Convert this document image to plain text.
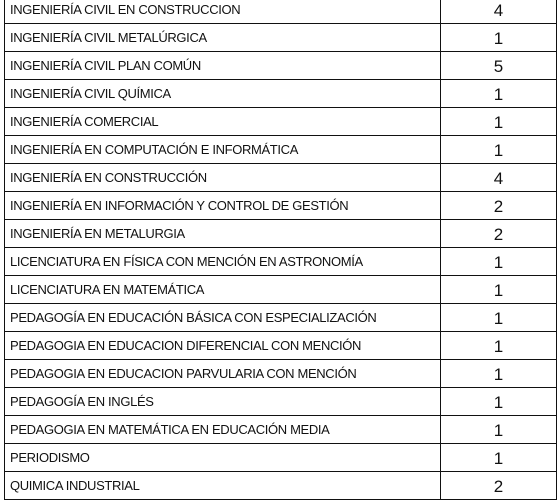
INGENIERÍA CIVIL EN CONSTRUCCION	4
INGENIERÍA CIVIL METALÚRGICA	1
INGENIERÍA CIVIL PLAN COMÚN	5
INGENIERÍA CIVIL QUÍMICA	1
INGENIERÍA COMERCIAL	1
INGENIERÍA EN COMPUTACIÓN E INFORMÁTICA	1
INGENIERÍA EN CONSTRUCCIÓN	4
INGENIERÍA EN INFORMACIÓN Y CONTROL DE GESTIÓN	2
INGENIERÍA EN METALURGIA	2
LICENCIATURA EN FÍSICA CON MENCIÓN EN ASTRONOMÍA	1
LICENCIATURA EN MATEMÁTICA	1
PEDAGOGÍA EN EDUCACIÓN BÁSICA CON ESPECIALIZACIÓN	1
PEDAGOGIA EN EDUCACION DIFERENCIAL CON MENCIÓN	1
PEDAGOGIA EN EDUCACION PARVULARIA CON MENCIÓN	1
PEDAGOGÍA EN INGLÉS	1
PEDAGOGIA EN MATEMÁTICA EN EDUCACIÓN MEDIA	1
PERIODISMO	1
QUIMICA INDUSTRIAL	2
